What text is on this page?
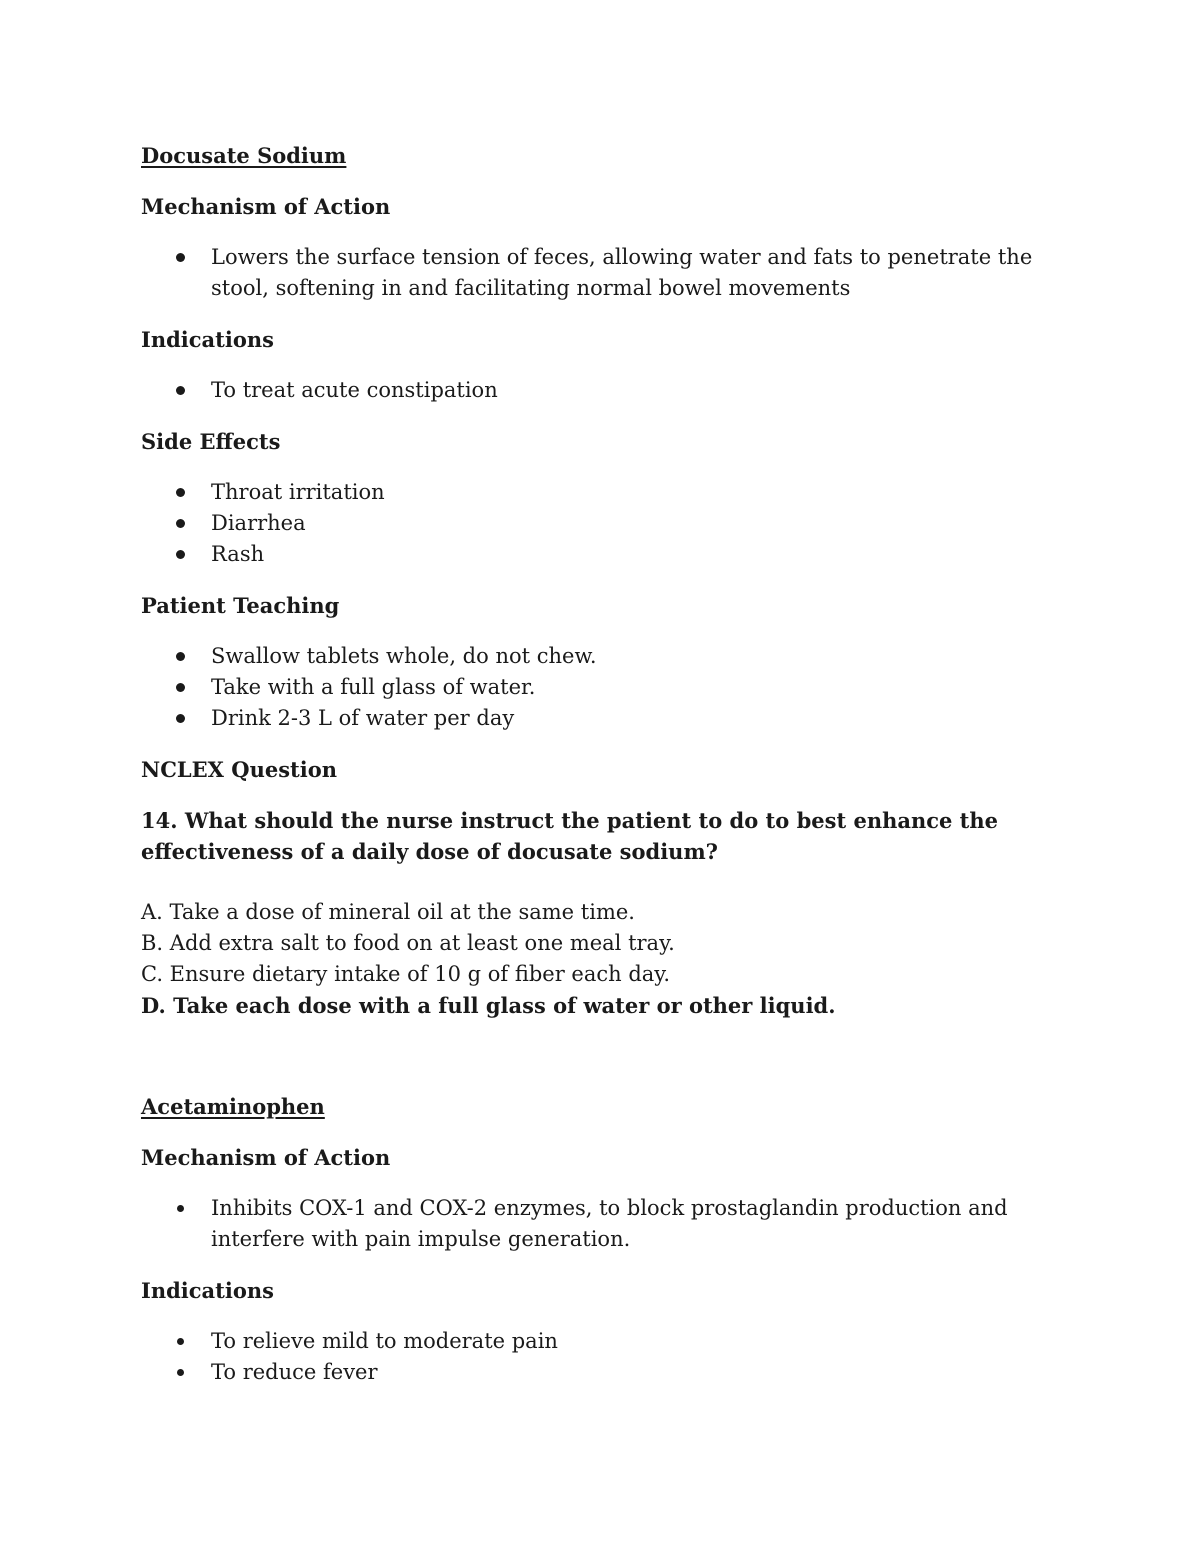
Docusate Sodium
Mechanism of Action
Lowers the surface tension of feces, allowing water and fats to penetrate the stool, softening in and facilitating normal bowel movements
Indications
To treat acute constipation
Side Effects
Throat irritation
Diarrhea
Rash
Patient Teaching
Swallow tablets whole, do not chew.
Take with a full glass of water.
Drink 2-3 L of water per day
NCLEX Question
14. What should the nurse instruct the patient to do to best enhance the effectiveness of a daily dose of docusate sodium?
A. Take a dose of mineral oil at the same time.
B. Add extra salt to food on at least one meal tray.
C. Ensure dietary intake of 10 g of fiber each day.
D. Take each dose with a full glass of water or other liquid.
Acetaminophen
Mechanism of Action
Inhibits COX-1 and COX-2 enzymes, to block prostaglandin production and interfere with pain impulse generation.
Indications
To relieve mild to moderate pain
To reduce fever
